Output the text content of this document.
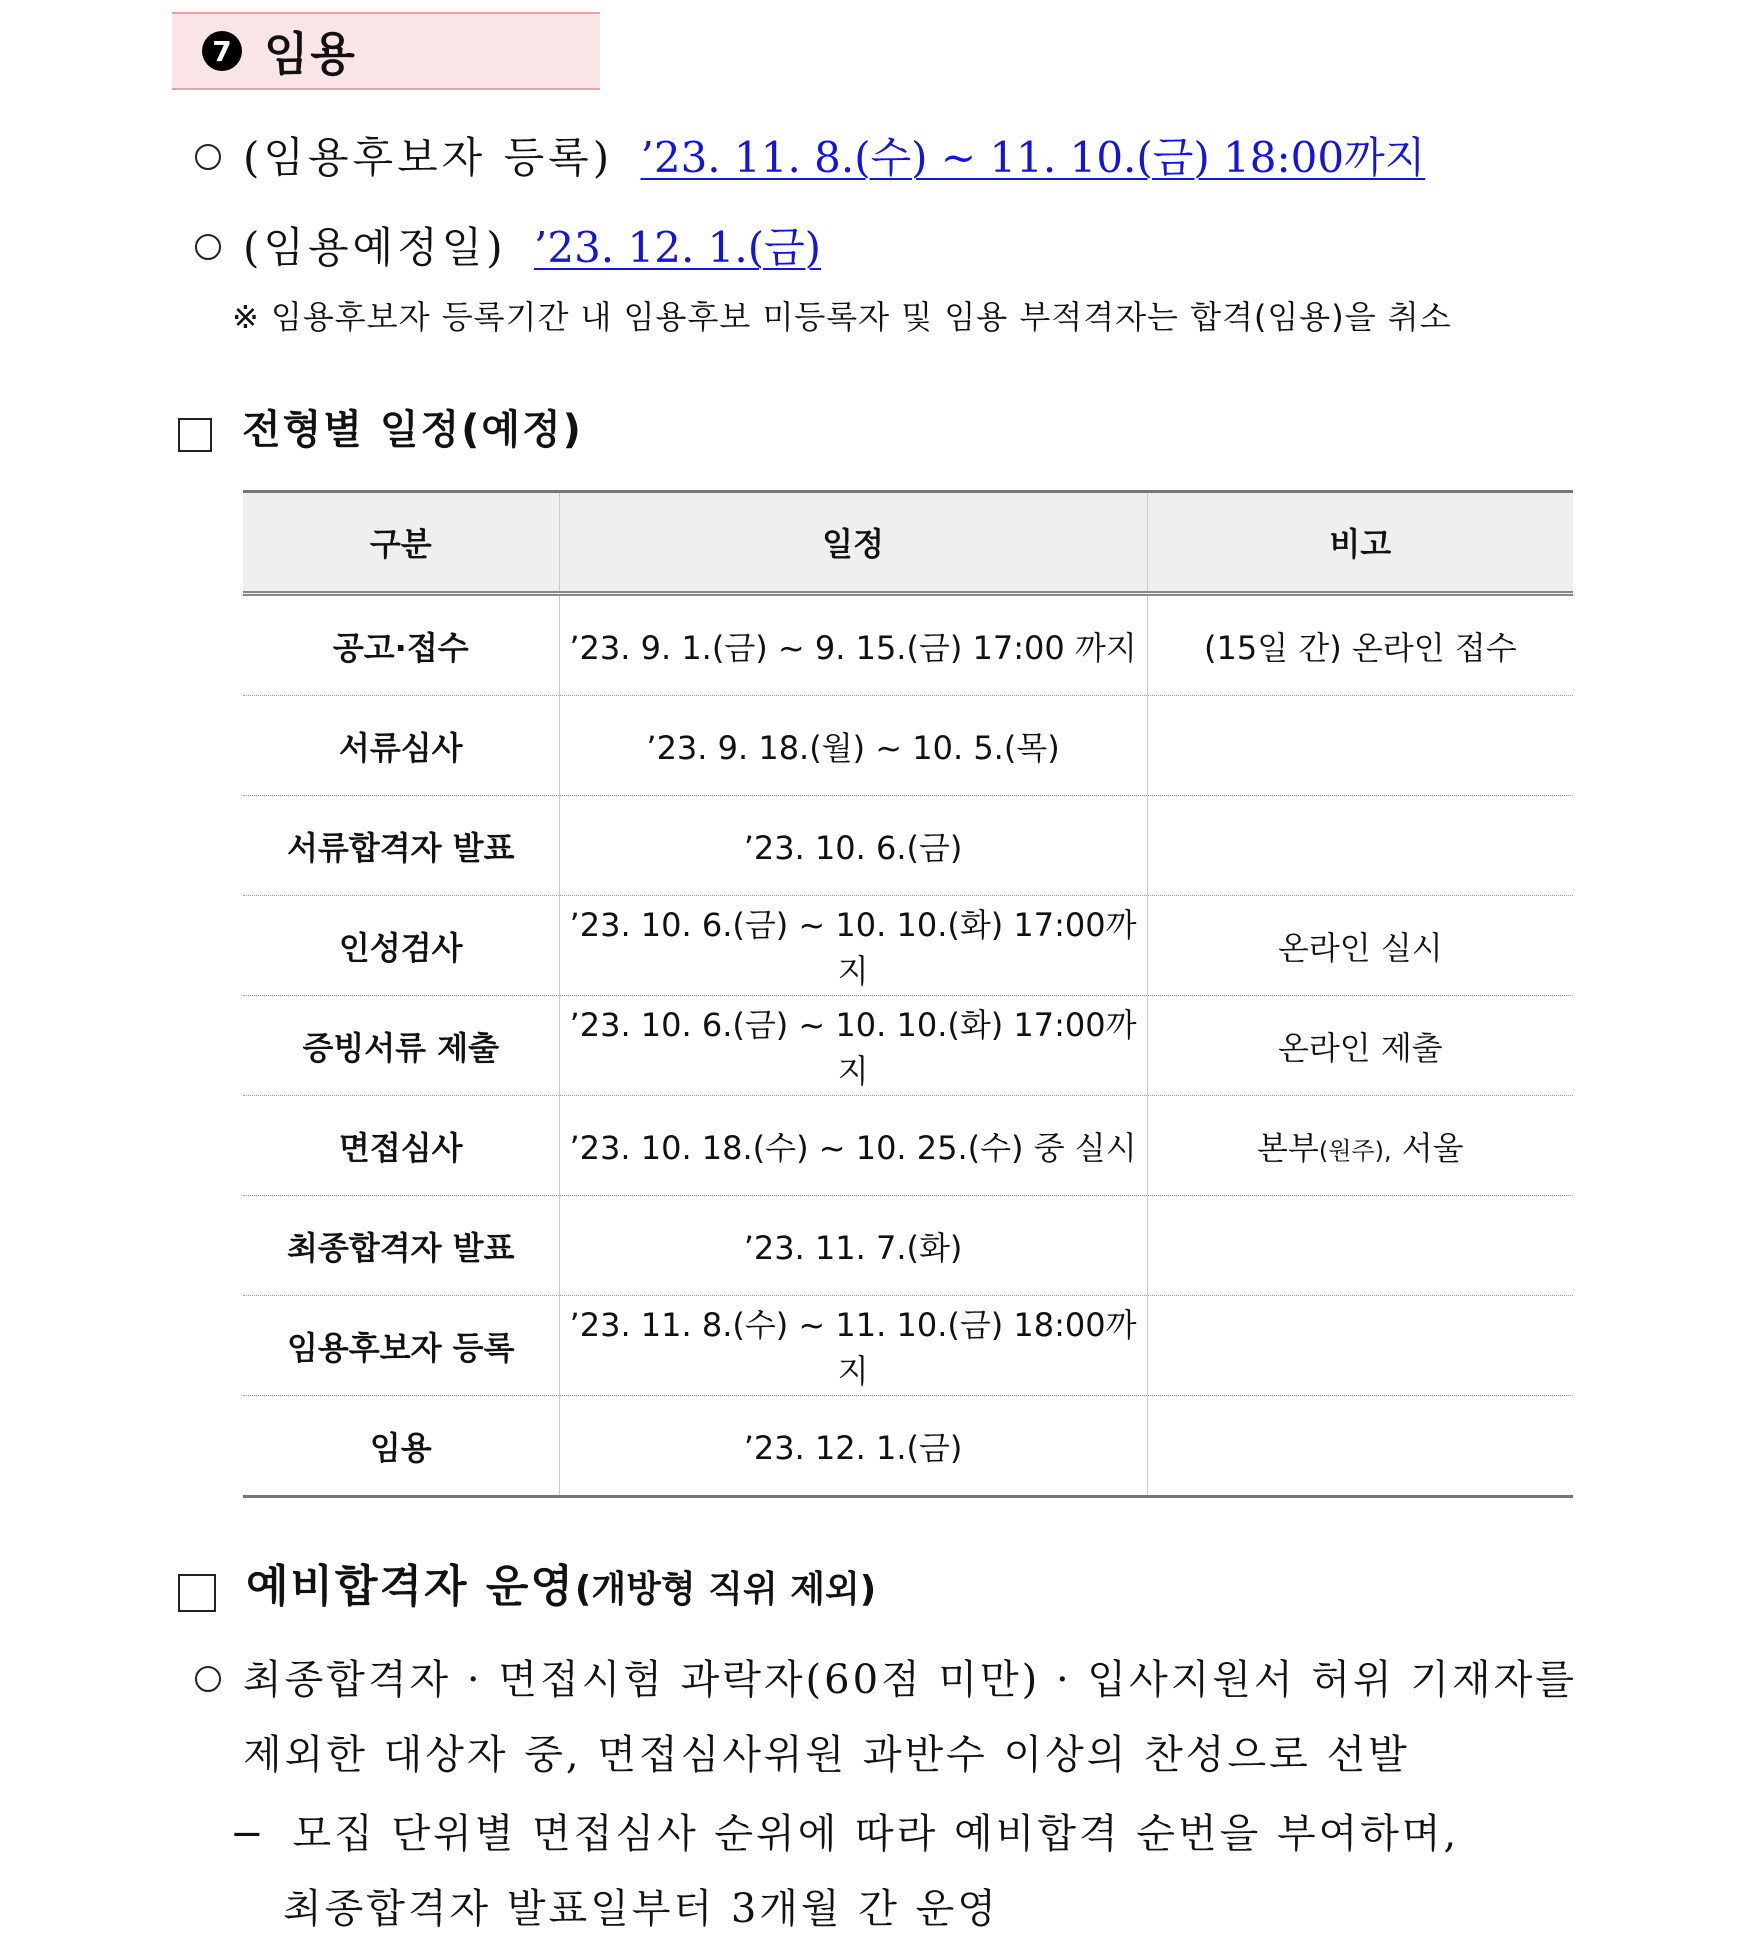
7 임용
(임용후보자 등록) ’23. 11. 8.(수) ~ 11. 10.(금) 18:00까지
(임용예정일) ’23. 12. 1.(금)
※ 임용후보자 등록기간 내 임용후보 미등록자 및 임용 부적격자는 합격(임용)을 취소
전형별 일정(예정)
구분	일정	비고
공고·접수	’23. 9. 1.(금) ~ 9. 15.(금) 17:00 까지	(15일 간) 온라인 접수
서류심사	’23. 9. 18.(월) ~ 10. 5.(목)	
서류합격자 발표	’23. 10. 6.(금)	
인성검사	’23. 10. 6.(금) ~ 10. 10.(화) 17:00까지	온라인 실시
증빙서류 제출	’23. 10. 6.(금) ~ 10. 10.(화) 17:00까지	온라인 제출
면접심사	’23. 10. 18.(수) ~ 10. 25.(수) 중 실시	본부(원주), 서울
최종합격자 발표	’23. 11. 7.(화)	
임용후보자 등록	’23. 11. 8.(수) ~ 11. 10.(금) 18:00까지	
임용	’23. 12. 1.(금)	
예비합격자 운영(개방형 직위 제외)
최종합격자 · 면접시험 과락자(60점 미만) · 입사지원서 허위 기재자를
제외한 대상자 중, 면접심사위원 과반수 이상의 찬성으로 선발
− 모집 단위별 면접심사 순위에 따라 예비합격 순번을 부여하며,
최종합격자 발표일부터 3개월 간 운영
